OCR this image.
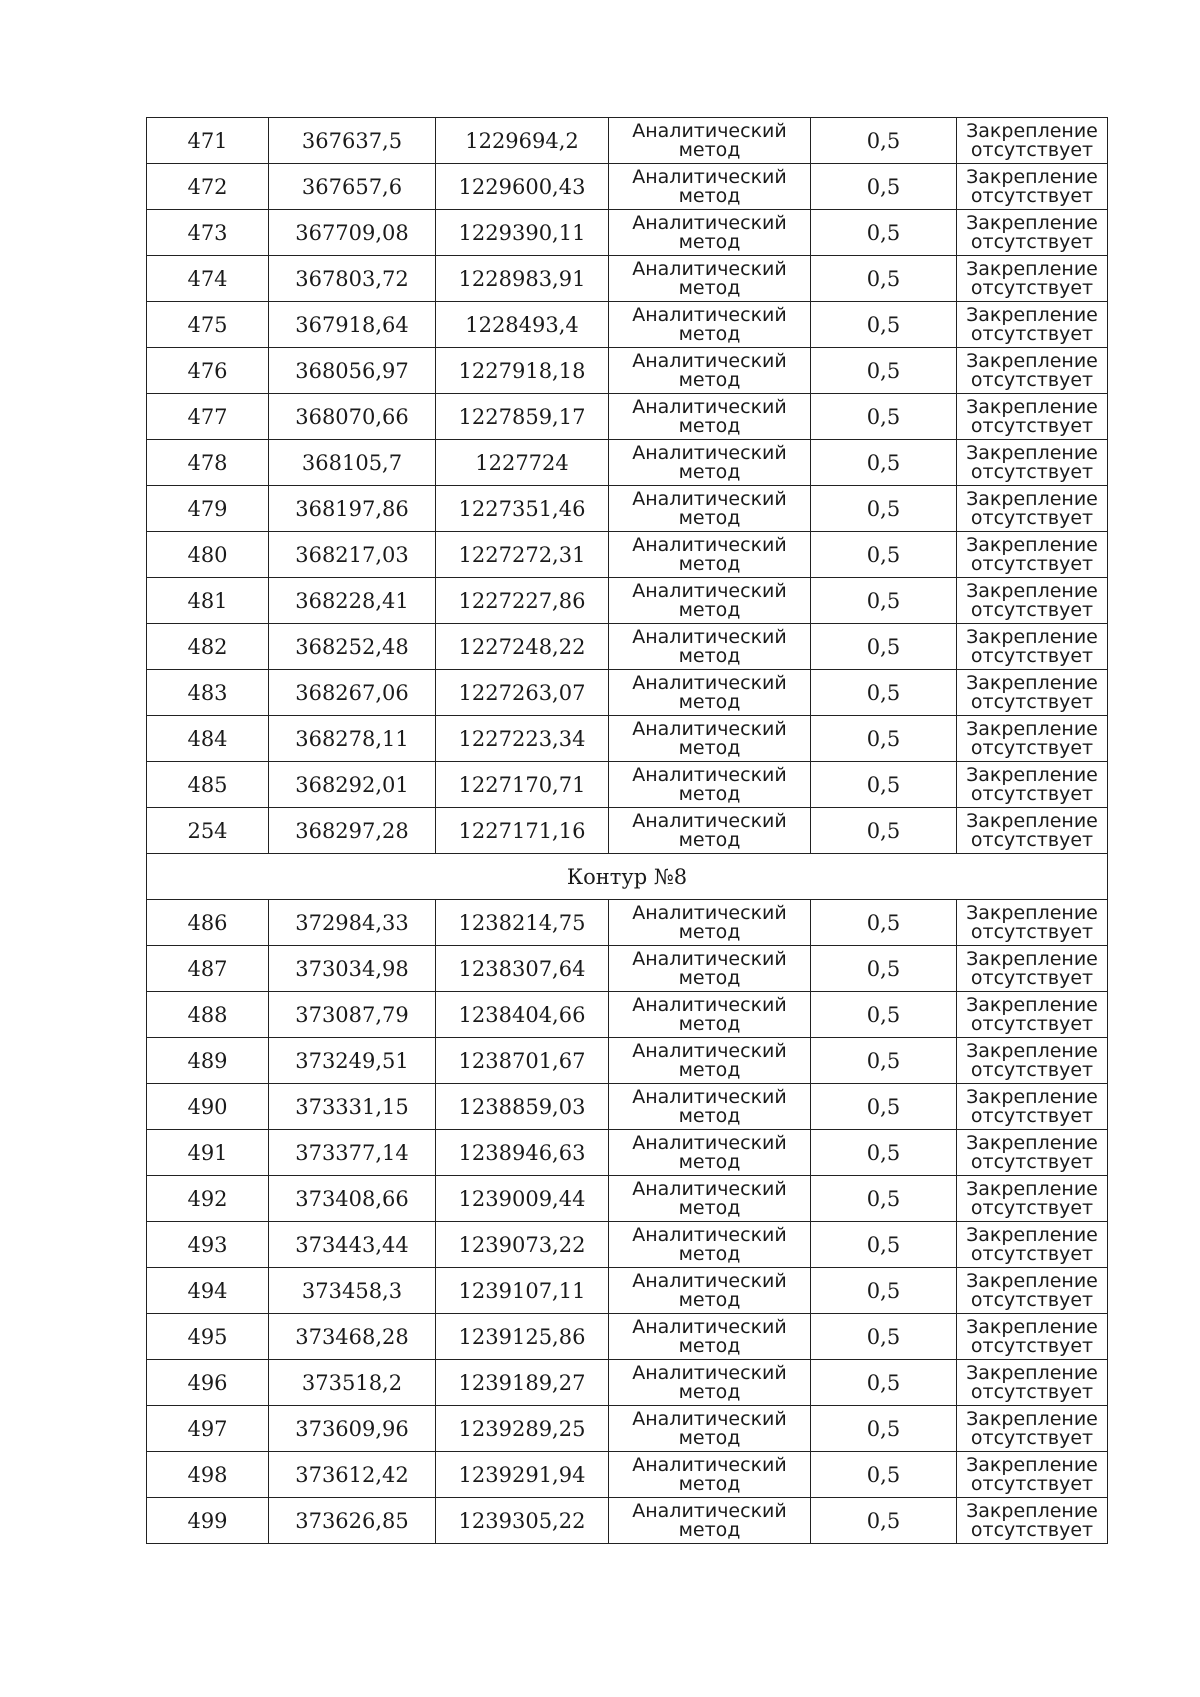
471	367637,5	1229694,2	Аналитический
метод	0,5	Закрепление
отсутствует

472	367657,6	1229600,43	Аналитический
метод	0,5	Закрепление
отсутствует

473	367709,08	1229390,11	Аналитический
метод	0,5	Закрепление
отсутствует

474	367803,72	1228983,91	Аналитический
метод	0,5	Закрепление
отсутствует

475	367918,64	1228493,4	Аналитический
метод	0,5	Закрепление
отсутствует

476	368056,97	1227918,18	Аналитический
метод	0,5	Закрепление
отсутствует

477	368070,66	1227859,17	Аналитический
метод	0,5	Закрепление
отсутствует

478	368105,7	1227724	Аналитический
метод	0,5	Закрепление
отсутствует

479	368197,86	1227351,46	Аналитический
метод	0,5	Закрепление
отсутствует

480	368217,03	1227272,31	Аналитический
метод	0,5	Закрепление
отсутствует

481	368228,41	1227227,86	Аналитический
метод	0,5	Закрепление
отсутствует

482	368252,48	1227248,22	Аналитический
метод	0,5	Закрепление
отсутствует

483	368267,06	1227263,07	Аналитический
метод	0,5	Закрепление
отсутствует

484	368278,11	1227223,34	Аналитический
метод	0,5	Закрепление
отсутствует

485	368292,01	1227170,71	Аналитический
метод	0,5	Закрепление
отсутствует

254	368297,28	1227171,16	Аналитический
метод	0,5	Закрепление
отсутствует

Контур №8					
486	372984,33	1238214,75	Аналитический
метод	0,5	Закрепление
отсутствует

487	373034,98	1238307,64	Аналитический
метод	0,5	Закрепление
отсутствует

488	373087,79	1238404,66	Аналитический
метод	0,5	Закрепление
отсутствует

489	373249,51	1238701,67	Аналитический
метод	0,5	Закрепление
отсутствует

490	373331,15	1238859,03	Аналитический
метод	0,5	Закрепление
отсутствует

491	373377,14	1238946,63	Аналитический
метод	0,5	Закрепление
отсутствует

492	373408,66	1239009,44	Аналитический
метод	0,5	Закрепление
отсутствует

493	373443,44	1239073,22	Аналитический
метод	0,5	Закрепление
отсутствует

494	373458,3	1239107,11	Аналитический
метод	0,5	Закрепление
отсутствует

495	373468,28	1239125,86	Аналитический
метод	0,5	Закрепление
отсутствует

496	373518,2	1239189,27	Аналитический
метод	0,5	Закрепление
отсутствует

497	373609,96	1239289,25	Аналитический
метод	0,5	Закрепление
отсутствует

498	373612,42	1239291,94	Аналитический
метод	0,5	Закрепление
отсутствует

499	373626,85	1239305,22	Аналитический
метод	0,5	Закрепление
отсутствует
